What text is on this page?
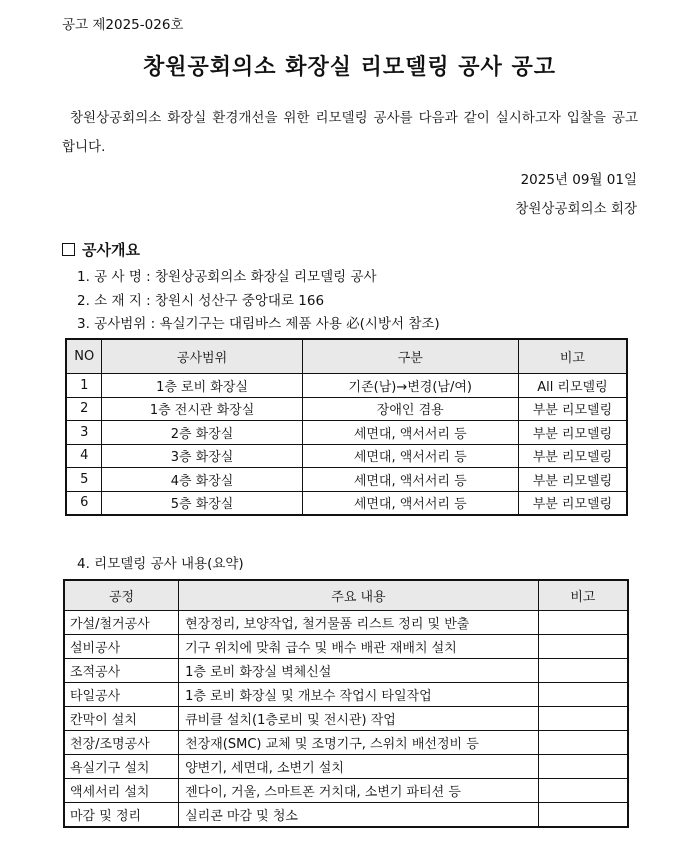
공고 제2025-026호
창원공회의소 화장실 리모델링 공사 공고
창원상공회의소 화장실 환경개선을 위한 리모델링 공사를 다음과 같이 실시하고자 입찰을 공고 합니다.
2025년 09월 01일
창원상공회의소 회장
공사개요
1. 공 사 명 : 창원상공회의소 화장실 리모델링 공사
2. 소 재 지 : 창원시 성산구 중앙대로 166
3. 공사범위 : 욕실기구는 대림바스 제품 사용 必(시방서 참조)
NO	공사범위	구분	비고
1	1층 로비 화장실	기존(남)→변경(남/여)	All 리모델링
2	1층 전시관 화장실	장애인 겸용	부분 리모델링
3	2층 화장실	세면대, 액서서리 등	부분 리모델링
4	3층 화장실	세면대, 액서서리 등	부분 리모델링
5	4층 화장실	세면대, 액서서리 등	부분 리모델링
6	5층 화장실	세면대, 액서서리 등	부분 리모델링
4. 리모델링 공사 내용(요약)
공정	주요 내용	비고
가설/철거공사	현장정리, 보양작업, 철거물품 리스트 정리 및 반출	
설비공사	기구 위치에 맞춰 급수 및 배수 배관 재배치 설치	
조적공사	1층 로비 화장실 벽체신설	
타일공사	1층 로비 화장실 및 개보수 작업시 타일작업	
칸막이 설치	큐비클 설치(1층로비 및 전시관) 작업	
천장/조명공사	천장재(SMC) 교체 및 조명기구, 스위치 배선정비 등	
욕실기구 설치	양변기, 세면대, 소변기 설치	
액세서리 설치	젠다이, 거울, 스마트폰 거치대, 소변기 파티션 등	
마감 및 정리	실리콘 마감 및 청소	
